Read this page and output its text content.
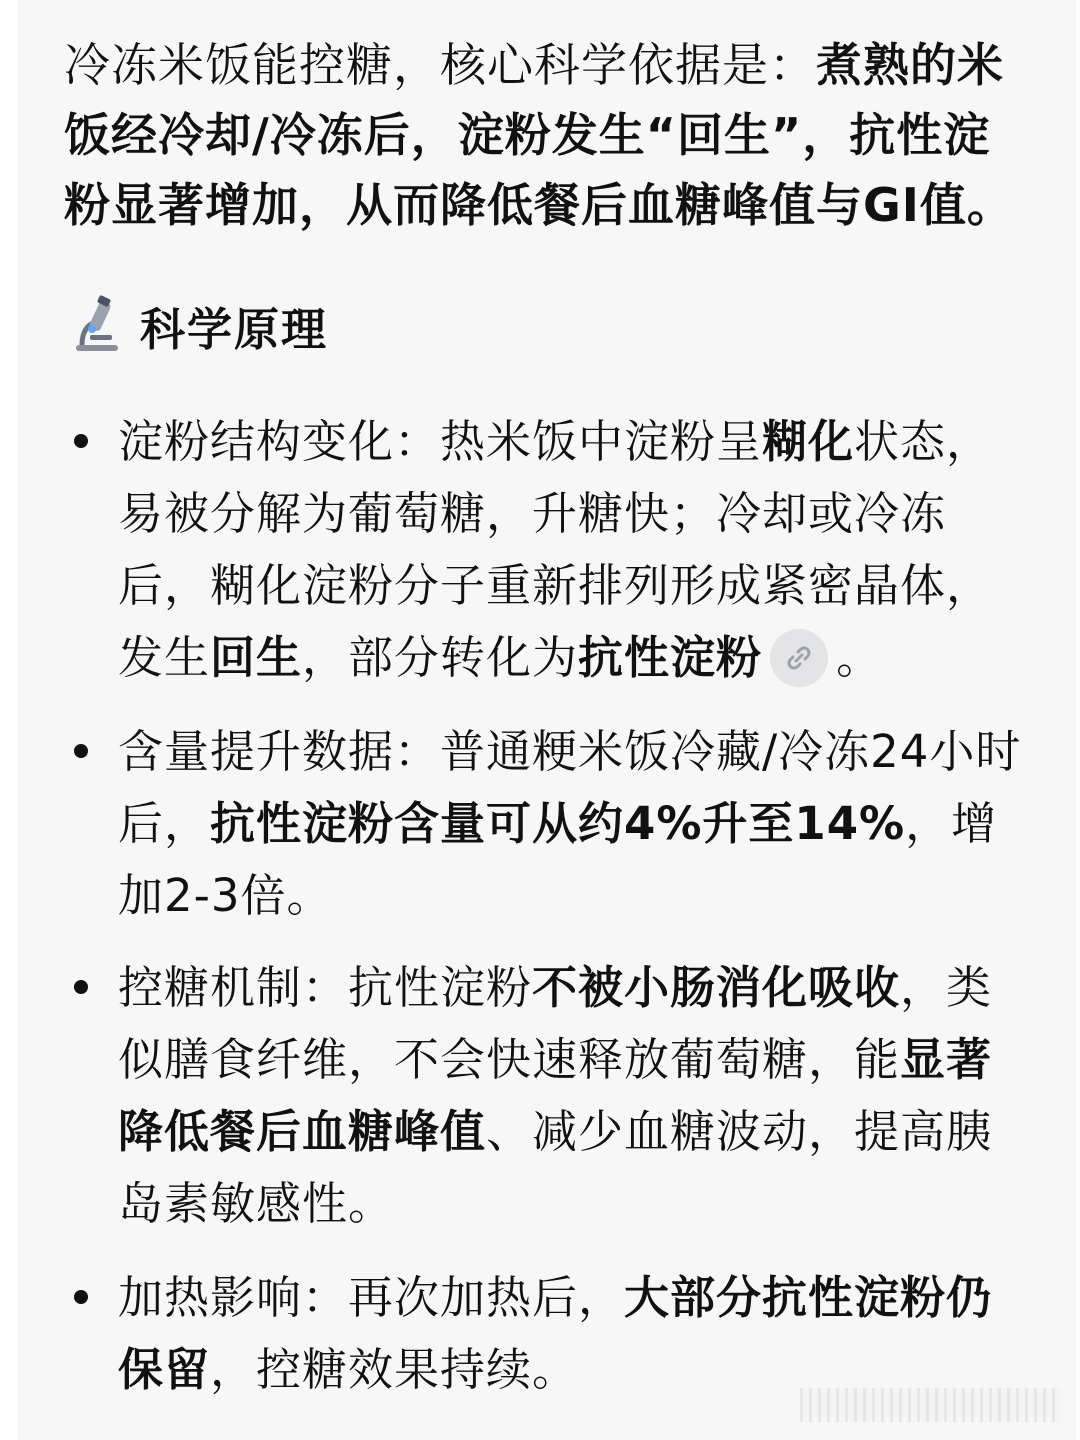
冷冻米饭能控糖，核心科学依据是：煮熟的米饭经冷却/冷冻后，淀粉发生“回生”，抗性淀粉显著增加，从而降低餐后血糖峰值与GI值。

科学原理
淀粉结构变化：热米饭中淀粉呈糊化状态，易被分解为葡萄糖，升糖快；冷却或冷冻后，糊化淀粉分子重新排列形成紧密晶体，发生回生，部分转化为抗性淀粉 。
含量提升数据：普通粳米饭冷藏/冷冻24小时后，抗性淀粉含量可从约4%升至14%，增加2-3倍。
控糖机制：抗性淀粉不被小肠消化吸收，类似膳食纤维，不会快速释放葡萄糖，能显著降低餐后血糖峰值、减少血糖波动，提高胰岛素敏感性。
加热影响：再次加热后，大部分抗性淀粉仍保留，控糖效果持续。
